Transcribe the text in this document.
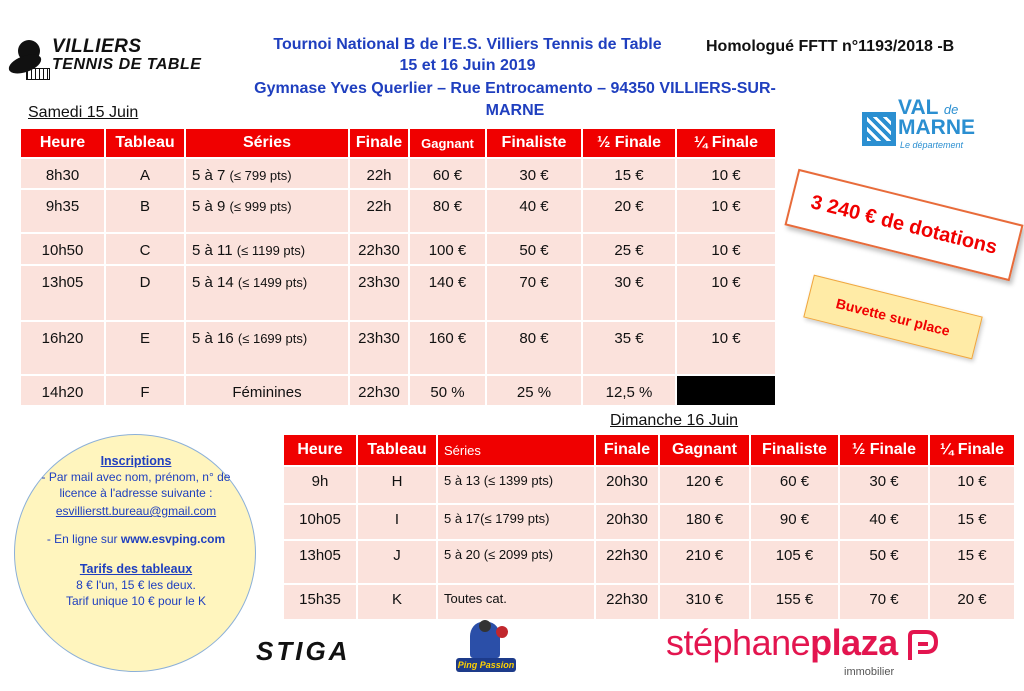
VILLIERS
TENNIS DE TABLE
Tournoi National B de l’E.S. Villiers Tennis de Table
15 et 16 Juin 2019
Gymnase Yves Querlier – Rue Entrocamento – 94350 VILLIERS-SUR-MARNE
Homologué FFTT n°1193/2018 -B
Samedi 15 Juin
Heure	Tableau	Séries	Finale	Gagnant	Finaliste	½ Finale	¼ Finale
8h30	A	5 à 7 (≤ 799 pts)	22h	60 €	30 €	15 €	10 €
9h35	B	5 à 9 (≤ 999 pts)	22h	80 €	40 €	20 €	10 €
10h50	C	5 à 11 (≤ 1199 pts)	22h30	100 €	50 €	25 €	10 €
13h05	D	5 à 14 (≤ 1499 pts)	23h30	140 €	70 €	30 €	10 €
16h20	E	5 à 16 (≤ 1699 pts)	23h30	160 €	80 €	35 €	10 €
14h20	F	Féminines	22h30	50 %	25 %	12,5 %	
3 240 € de dotations
Buvette sur place
VAL de
MARNE
Le département
Dimanche 16 Juin
Heure	Tableau	Séries	Finale	Gagnant	Finaliste	½ Finale	¼ Finale
9h	H	5 à 13 (≤ 1399 pts)	20h30	120 €	60 €	30 €	10 €
10h05	I	5 à 17(≤ 1799 pts)	20h30	180 €	90 €	40 €	15 €
13h05	J	5 à 20 (≤ 2099 pts)	22h30	210 €	105 €	50 €	15 €
15h35	K	Toutes cat.	22h30	310 €	155 €	70 €	20 €
Inscriptions
- Par mail avec nom, prénom, n° de licence à l'adresse suivante :
esvillierstt.bureau@gmail.com
- En ligne sur www.esvping.com
Tarifs des tableaux
8 € l'un, 15 € les deux.
Tarif unique 10 € pour le K
STIGA	Ping Passion
stéphaneplaza
immobilier
